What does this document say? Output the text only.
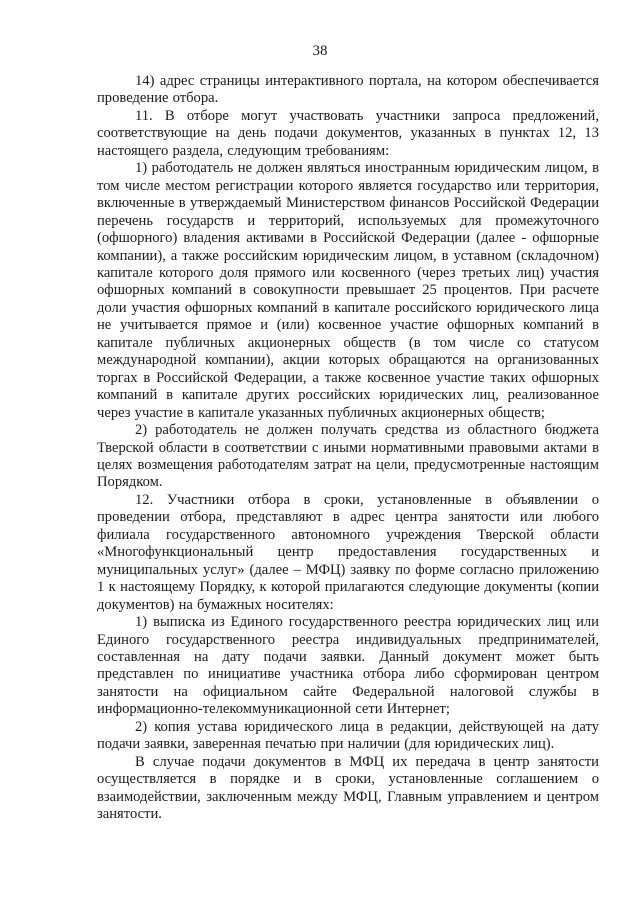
38

14) адрес страницы интерактивного портала, на котором обеспечивается проведение отбора.

11. В отборе могут участвовать участники запроса предложений, соответствующие на день подачи документов, указанных в пунктах 12, 13 настоящего раздела, следующим требованиям:

1) работодатель не должен являться иностранным юридическим лицом, в том числе местом регистрации которого является государство или территория, включенные в утверждаемый Министерством финансов Российской Федерации перечень государств и территорий, используемых для промежуточного (офшорного) владения активами в Российской Федерации (далее - офшорные компании), а также российским юридическим лицом, в уставном (складочном) капитале которого доля прямого или косвенного (через третьих лиц) участия офшорных компаний в совокупности превышает 25 процентов. При расчете доли участия офшорных компаний в капитале российского юридического лица не учитывается прямое и (или) косвенное участие офшорных компаний в капитале публичных акционерных обществ (в том числе со статусом международной компании), акции которых обращаются на организованных торгах в Российской Федерации, а также косвенное участие таких офшорных компаний в капитале других российских юридических лиц, реализованное через участие в капитале указанных публичных акционерных обществ;

2) работодатель не должен получать средства из областного бюджета Тверской области в соответствии с иными нормативными правовыми актами в целях возмещения работодателям затрат на цели, предусмотренные настоящим Порядком.

12. Участники отбора в сроки, установленные в объявлении о проведении отбора, представляют в адрес центра занятости или любого филиала государственного автономного учреждения Тверской области «Многофункциональный центр предоставления государственных и муниципальных услуг» (далее – МФЦ) заявку по форме согласно приложению 1 к настоящему Порядку, к которой прилагаются следующие документы (копии документов) на бумажных носителях:

1) выписка из Единого государственного реестра юридических лиц или Единого государственного реестра индивидуальных предпринимателей, составленная на дату подачи заявки. Данный документ может быть представлен по инициативе участника отбора либо сформирован центром занятости на официальном сайте Федеральной налоговой службы в информационно-телекоммуникационной сети Интернет;

2) копия устава юридического лица в редакции, действующей на дату подачи заявки, заверенная печатью при наличии (для юридических лиц).

В случае подачи документов в МФЦ их передача в центр занятости осуществляется в порядке и в сроки, установленные соглашением о взаимодействии, заключенным между МФЦ, Главным управлением и центром занятости.
